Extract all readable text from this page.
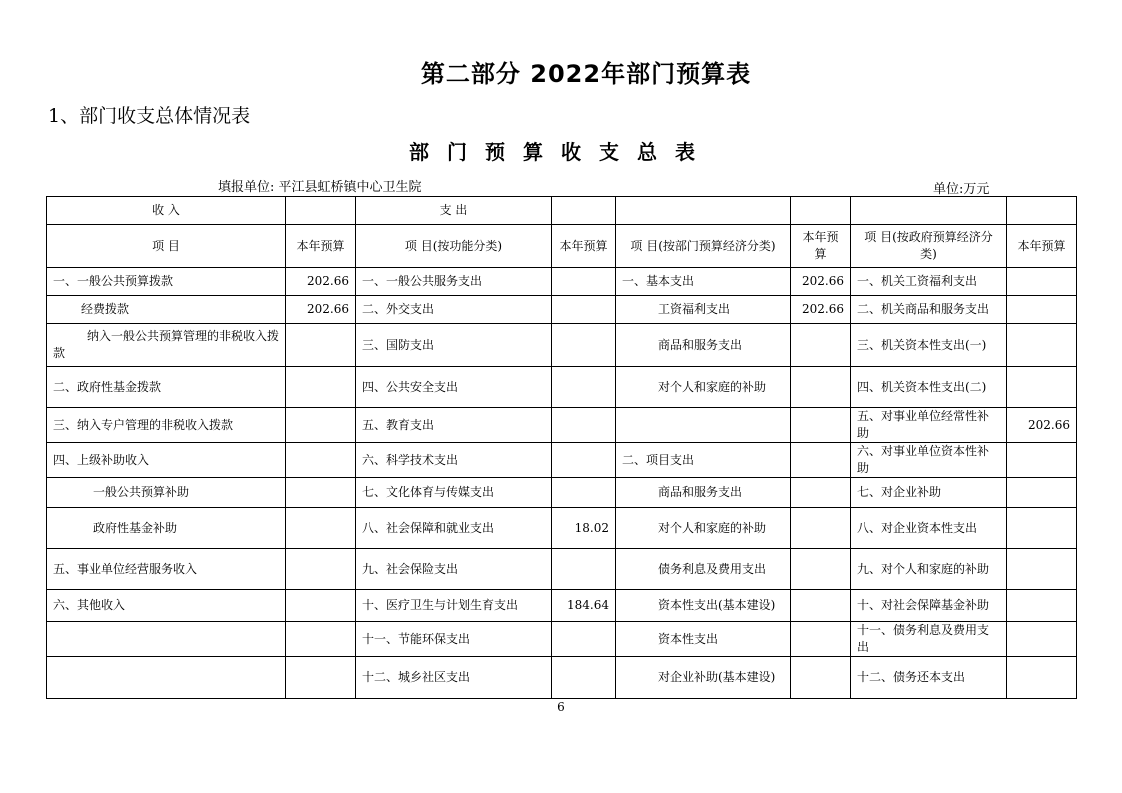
第二部分 2022年部门预算表
1、部门收支总体情况表
部门预算收支总表
填报单位: 平江县虹桥镇中心卫生院	单位:万元
收 入		支 出					
项 目	本年预算	项 目(按功能分类)	本年预算	项 目(按部门预算经济分类)	本年预算	项 目(按政府预算经济分类)	本年预算
一、一般公共预算拨款	202.66	一、一般公共服务支出		一、基本支出	202.66	一、机关工资福利支出	
经费拨款	202.66	二、外交支出		工资福利支出	202.66	二、机关商品和服务支出	
纳入一般公共预算管理的非税收入拨款		三、国防支出		商品和服务支出		三、机关资本性支出(一)	
二、政府性基金拨款		四、公共安全支出		对个人和家庭的补助		四、机关资本性支出(二)	
三、纳入专户管理的非税收入拨款		五、教育支出				五、对事业单位经常性补助	202.66
四、上级补助收入		六、科学技术支出		二、项目支出		六、对事业单位资本性补助	
一般公共预算补助		七、文化体育与传媒支出		商品和服务支出		七、对企业补助	
政府性基金补助		八、社会保障和就业支出	18.02	对个人和家庭的补助		八、对企业资本性支出	
五、事业单位经营服务收入		九、社会保险支出		债务利息及费用支出		九、对个人和家庭的补助	
六、其他收入		十、医疗卫生与计划生育支出	184.64	资本性支出(基本建设)		十、对社会保障基金补助	
		十一、节能环保支出		资本性支出		十一、债务利息及费用支出	
		十二、城乡社区支出		对企业补助(基本建设)		十二、债务还本支出	
6
